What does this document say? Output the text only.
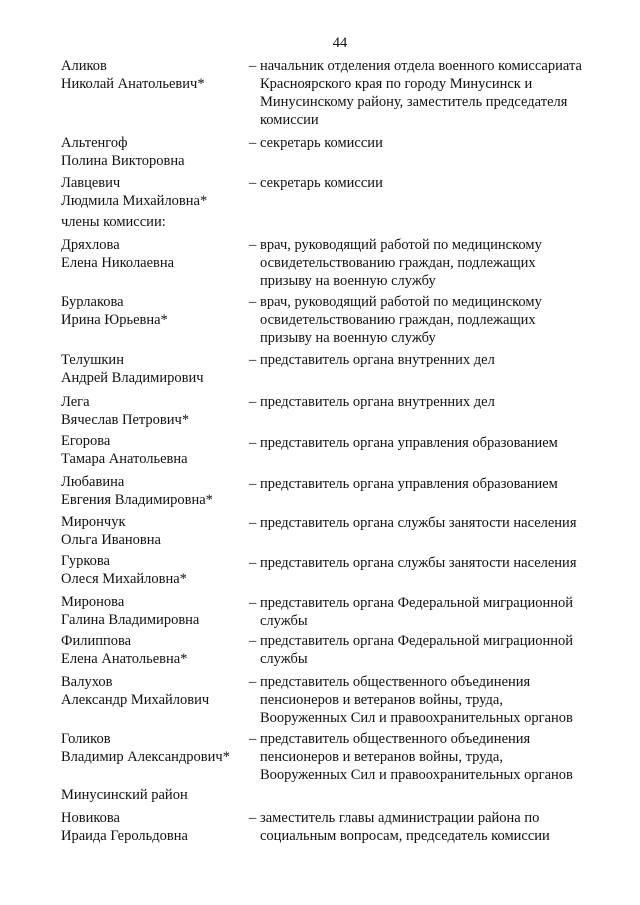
44
Аликов
Николай Анатольевич*
– начальник отделения отдела военного комиссариата
Красноярского края по городу Минусинск и
Минусинскому району, заместитель председателя
комиссии
Альтенгоф
Полина Викторовна
– секретарь комиссии
Лавцевич
Людмила Михайловна*
– секретарь комиссии
члены комиссии:
Дряхлова
Елена Николаевна
– врач, руководящий работой по медицинскому
освидетельствованию граждан, подлежащих
призыву на военную службу
Бурлакова
Ирина Юрьевна*
– врач, руководящий работой по медицинскому
освидетельствованию граждан, подлежащих
призыву на военную службу
Телушкин
Андрей Владимирович
– представитель органа внутренних дел
Лега
Вячеслав Петрович*
– представитель органа внутренних дел
Егорова
Тамара Анатольевна
– представитель органа управления образованием
Любавина
Евгения Владимировна*
– представитель органа управления образованием
Мирончук
Ольга Ивановна
– представитель органа службы занятости населения
Гуркова
Олеся Михайловна*
– представитель органа службы занятости населения
Миронова
Галина Владимировна
– представитель органа Федеральной миграционной
службы
Филиппова
Елена Анатольевна*
– представитель органа Федеральной миграционной
службы
Валухов
Александр Михайлович
– представитель общественного объединения
пенсионеров и ветеранов войны, труда,
Вооруженных Сил и правоохранительных органов
Голиков
Владимир Александрович*
– представитель общественного объединения
пенсионеров и ветеранов войны, труда,
Вооруженных Сил и правоохранительных органов
Минусинский район
Новикова
Ираида Герольдовна
– заместитель главы администрации района по
социальным вопросам, председатель комиссии
